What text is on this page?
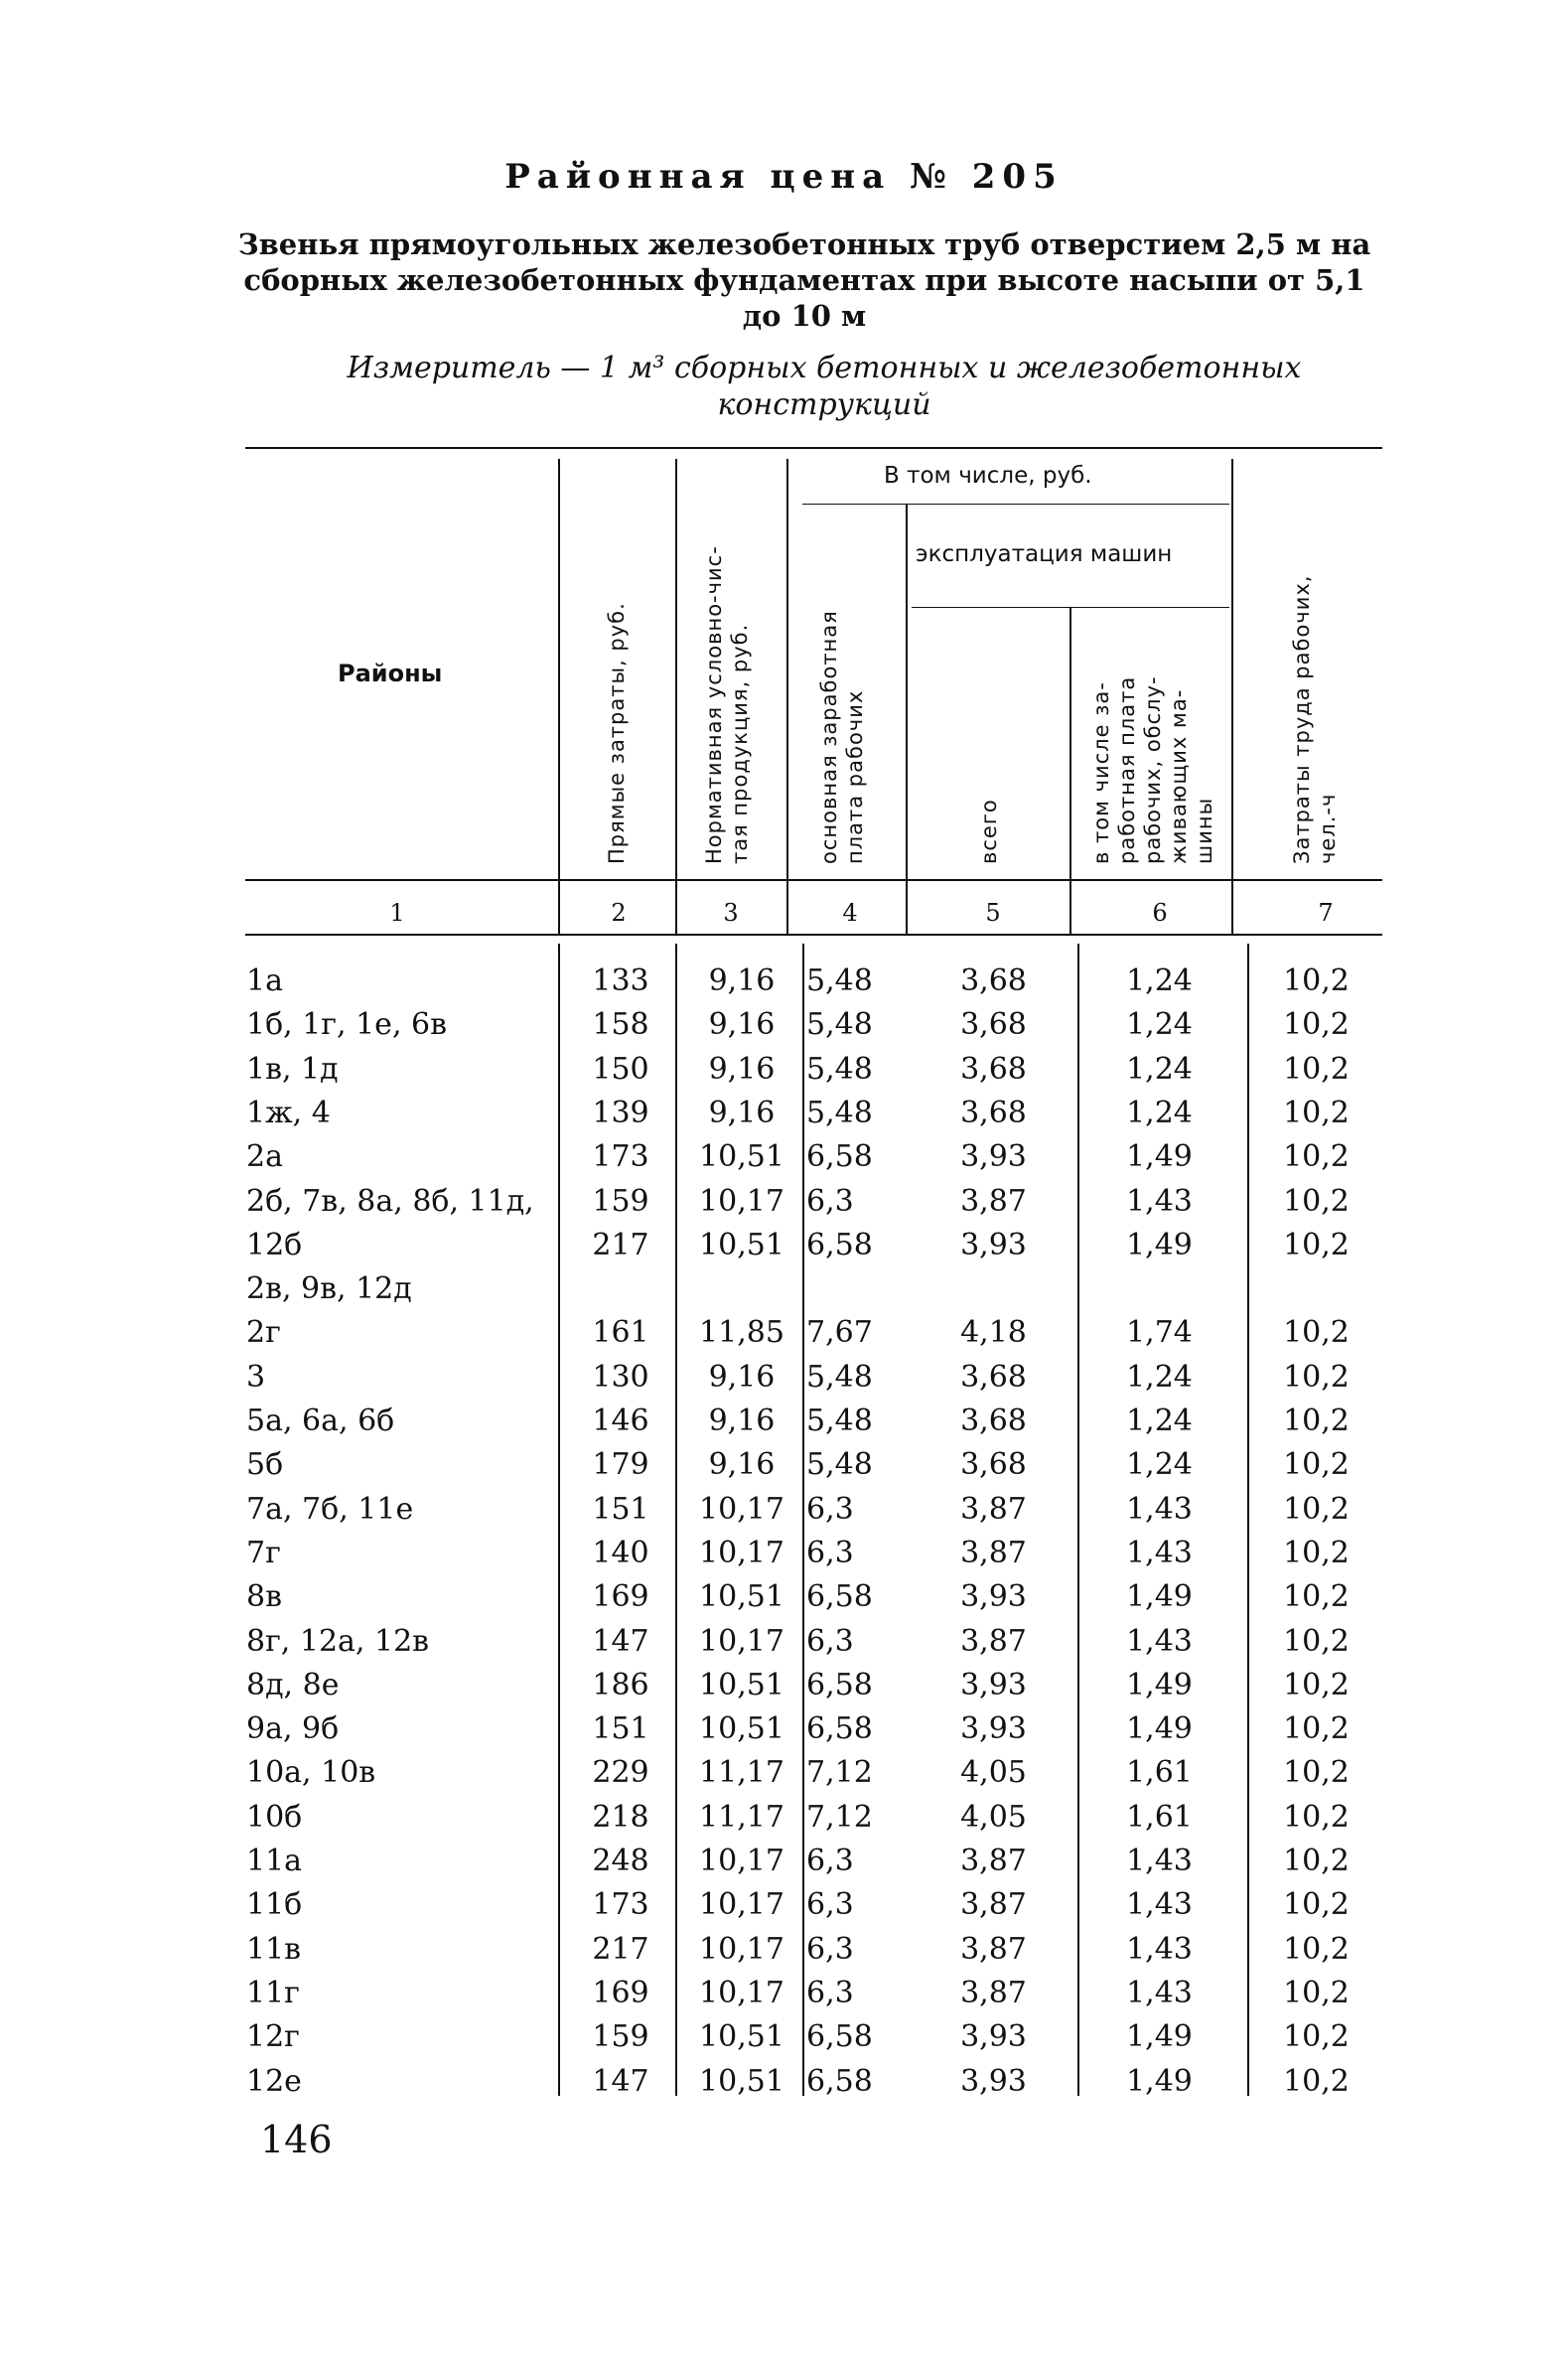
Районная цена № 205
Звенья прямоугольных железобетонных труб отверстием 2,5 м на сборных железобетонных фундаментах при высоте насыпи от 5,1 до 10 м
Измеритель — 1 м³ сборных бетонных и железобетонных конструкций
Районы	Прямые затраты, руб.	Нормативная условно-чис-
тая продукция, руб.
В том числе, руб.
основная заработная
плата рабочих
эксплуатация машин
всего	в том числе за-
работная плата
рабочих, обслу-
живающих ма-
шины	Затраты труда рабочих,
чел.-ч
1	2	3	4	5	6	7
1а	133	9,16	5,48	3,68	1,24	10,2
1б, 1г, 1е, 6в	158	9,16	5,48	3,68	1,24	10,2
1в, 1д	150	9,16	5,48	3,68	1,24	10,2
1ж, 4	139	9,16	5,48	3,68	1,24	10,2
2а	173	10,51 6,58	3,93	1,49	10,2
2б, 7в, 8а, 8б, 11д,	159	10,17 6,3	3,87	1,43	10,2
12б	217	10,51 6,58	3,93	1,49	10,2
2в, 9в, 12д
2г	161	11,85 7,67	4,18	1,74	10,2
3	130	9,16	5,48	3,68	1,24	10,2
5а, 6а, 6б	146	9,16	5,48	3,68	1,24	10,2
5б	179	9,16	5,48	3,68	1,24	10,2
7а, 7б, 11е	151	10,17 6,3	3,87	1,43	10,2
7г	140	10,17 6,3	3,87	1,43	10,2
8в	169	10,51 6,58	3,93	1,49	10,2
8г, 12а, 12в	147	10,17 6,3	3,87	1,43	10,2
8д, 8е	186	10,51 6,58	3,93	1,49	10,2
9а, 9б	151	10,51 6,58	3,93	1,49	10,2
10а, 10в	229	11,17 7,12	4,05	1,61	10,2
10б	218	11,17 7,12	4,05	1,61	10,2
11а	248	10,17 6,3	3,87	1,43	10,2
11б	173	10,17 6,3	3,87	1,43	10,2
11в	217	10,17 6,3	3,87	1,43	10,2
11г	169	10,17 6,3	3,87	1,43	10,2
12г	159	10,51 6,58	3,93	1,49	10,2
12е	147	10,51 6,58	3,93	1,49	10,2
146
